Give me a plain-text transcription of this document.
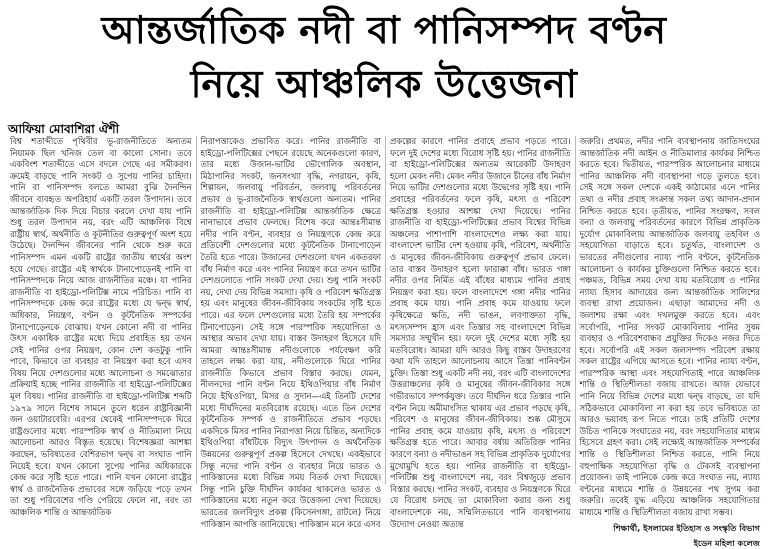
আন্তর্জাতিক নদী বা পানিসম্পদ বণ্টন
নিয়ে আঞ্চলিক উত্তেজনা
আফিয়া মোবাশিরা ঐশী

বিশ্ব শতাব্দীতে পৃথিবীর ভূ-রাজনীতিতে অন্যতম নিয়ামক ছিল খনিজ তেল বা কালো সোনা। তবে একবিংশ শতাব্দীতে এসে বদলে গেছে এর সমীকরণ। ক্রমেই বাড়ছে পানি সংকট ও সুপেয় পানির চাহিদা। পানি বা পানিসম্পদ বলতে আমরা বুঝি দৈনন্দিন জীবনে ব্যবহৃত অপরিহার্য একটি তরল উপাদান। তবে আন্তর্জাতিক দিক দিয়ে বিচার করলে দেখা যায় পানি শুধু তরল উপাদান নয়, বরং এটি আঞ্চলিক বিশ্বে রাষ্ট্রীয় স্বার্থ, অর্থনীতি ও কূটনীতির গুরুত্বপূর্ণ অংশ হয়ে উঠেছে। দৈনন্দিন জীবনের পানি থেকে শুরু করে পানিসম্পদ এমন একটি রাষ্ট্রের জাতীয় স্বার্থের অংশ হয়ে গেছে। রাষ্ট্রের এই স্বার্থকে টানাপোড়েনই পানি বা পানিসম্পদকে নিয়ে আজ রাজনীতির মঞ্চে। যা পানির রাজনীতি বা হাইড্রো-পলিটিক্স নামে পরিচিত। পানি বা পানিসম্পদকে কেন্দ্র করে রাষ্ট্রের মধ্যে যে দ্বন্দ্ব স্বার্থ, অধিকার, নিয়ন্ত্রণ, বণ্টন ও কূটনৈতিক সম্পর্কের টানাপোড়েনকে বোঝায়। যখন কোনো নদী বা পানির উৎস একাধিক রাষ্ট্রের মধ্যে দিয়ে প্রবাহিত হয় তখন সেই পানির ওপর নিয়ন্ত্রণ, কোন দেশ কতটুকু পানি পাবে, কিভাবে তা ব্যবহার বা নিয়ন্ত্রণ করা হবে এসব বিষয় নিয়ে দেশগুলোর মধ্যে আলোচনা ও সমঝোতার প্রক্রিয়াই হচ্ছে পানির রাজনীতি বা হাইড্রো-পলিটিক্সের মূল বিষয়। পানির রাজনীতি বা হাইড্রো-পলিটিক্স শব্দটি ১৯৭৯ সালে বিশেষ সামনে তুলে ধরেন রাষ্ট্রবিজ্ঞানী জন ওয়াটারবেরি। এরপর থেকেই পানিসম্পদকে ঘিরে রাষ্ট্রগুলোর মধ্যে পারস্পরিক স্বার্থ ও নীতিমালা নিয়ে আলোচনা আরও বিস্তৃত হয়েছে। বিশেষজ্ঞরা আশঙ্কা করছেন, ভবিষ্যতের বেশিরভাগ দ্বন্দ্ব বা সংঘাত পানি নিয়েই হবে। যখন কোনো সুপেয় পানির অধিকারকে কেন্দ্র করে সৃষ্টি হতে পারে। পানি যখন কোনো রাষ্ট্রের স্বার্থ ও রাজনৈতিক প্রভাবের সঙ্গে জড়িয়ে পড়ে তখন তা শুধু পরিবেশের গণ্ডি পেরিয়ে ফেলে না, বরং তা আঞ্চলিক শান্তি ও আন্তর্জাতিক

নিরাপত্তাকেও প্রভাবিত করে। পানির রাজনীতি বা হাইড্রো-পলিটিক্সের পেছনে রয়েছে অনেকগুলো কারণ, তার মধ্যে উজান-ভাটির ভৌগোলিক অবস্থান, মিঠাপানির সংকট, জনসংখ্যা বৃদ্ধি, নগরায়ন, কৃষি, শিল্পায়ন, জলবায়ু পরিবর্তন, জলবায়ু পরিবর্তনের প্রভাব ও ভূ-রাজনৈতিক স্বার্থগুলো অন্যতম। পানির রাজনীতি বা হাইড্রো-পলিটিক্স আন্তর্জাতিক ক্ষেত্রে নানাভাবে প্রভাব ফেলছে। বিশেষ করে আন্তঃসীমান্ত নদীর পানি বণ্টন, ব্যবহার ও নিয়ন্ত্রণকে কেন্দ্র করে প্রতিবেশী দেশগুলোর মধ্যে কূটনৈতিক টানাপোড়েন তৈরি হতে পারে। উজানের দেশগুলো যখন একতরফা বাঁধ নির্মাণ করে এবং পানির নিয়ন্ত্রণ করে তখন ভাটির দেশগুলোতে পানি সংকট দেখা দেয়। শুধু পানি সংকট নয়, দেখা দেয় বিভিন্ন সমস্যা। কৃষি ও পরিবেশ ক্ষতিগ্রস্ত হয় এবং মানুষের জীবন-জীবিকায় সংকটের সৃষ্টি হতে পারে। এর ফলে দেশগুলোর মধ্যে তৈরি হয় সম্পর্কের টিনাপোড়েন। সেই সঙ্গে পারস্পরিক সহযোগিতা ও আস্থার অভাব দেখা যায়। বাস্তব উদাহরণ হিসেবে যদি আমরা আন্তঃসীমান্ত নদীগুলোকে পর্যবেক্ষণ করি তাহলে লক্ষ্য করা যায়, নদীগুলোকে ঘিরে পানির রাজনীতি কিভাবে প্রভাব বিস্তার করছে। যেমন, নীলনদের পানি বণ্টন নিয়ে ইথিওপিয়ার বাঁধ নির্মাণ নিয়ে ইথিওপিয়া, মিসর ও সুদান—এই তিনটি দেশের মধ্যে দীর্ঘদিনের মতবিরোধ রয়েছে। এতে তিন দেশের কূটনৈতিক সম্পর্ক ও রাজনীতিতে প্রভাব পড়ছে। একদিকে মিসর পানির নিরাপত্তা নিয়ে চিন্তিত, অন্যদিকে ইথিওপিয়া বাঁধটিকে বিদ্যুৎ উৎপাদন ও অর্থনৈতিক উন্নয়নের গুরুত্বপূর্ণ প্রকল্প হিসেবে দেখছে। একইভাবে সিন্ধু নদের পানি বণ্টন ও ব্যবহার নিয়ে ভারত ও পাকিস্তানের মধ্যে বিভিন্ন সময় বিতর্ক দেখা দিয়েছে। সিন্ধু পানি চুক্তি দীর্ঘদিন কার্যকর থাকলেও ভারত ও পাকিস্তানের মধ্যে নতুন করে উত্তেজনা দেখা দিয়েছে। ভারতের জলবিদ্যুৎ প্রকল্প (কিসেনগঙ্গা, রাটলে) নিয়ে পাকিস্তান আপত্তি জানিয়েছে। পাকিস্তান মনে করে এসব

প্রকল্পের কারণে পানির প্রবাহে প্রভাব পড়তে পারে। ফলে দুই দেশের মধ্যে বিরোধ সৃষ্টি হয়। পানির রাজনীতি বা হাইড্রো-পলিটিক্সের অন্যতম আরেকটি উদাহরণ হলো মেকং নদী। মেকং নদীর উজানে চীনের বাঁধ নির্মাণ নিয়ে ভাটির দেশগুলোর মধ্যে উদ্বেগের সৃষ্টি হয়। পানি প্রবাহের পরিবর্তনের ফলে কৃষি, মৎস্য ও পরিবেশ ক্ষতিগ্রস্ত হওয়ার আশঙ্কা দেখা দিয়েছে। পানির রাজনীতি বা হাইড্রো-পলিটিক্সের প্রভাব বিশ্বের বিভিন্ন অঞ্চলের পাশাপাশি বাংলাদেশেও লক্ষ্য করা যায়। বাংলাদেশ ভাটির দেশ হওয়ায় কৃষি, পরিবেশ, অর্থনীতি ও মানুষের জীবন-জীবিকায় গুরুত্বপূর্ণ প্রভাব ফেলে। তার বাস্তব উদাহরণ হলো ফারাক্কা বাঁধ। ভারত গঙ্গা নদীর ওপর নির্মিত এই বাঁধের মাধ্যমে পানির প্রবাহ নিয়ন্ত্রণ করা হয়। ফলে বাংলাদেশে গঙ্গা নদীর পানির প্রবাহ কমে যায়। পানি প্রবাহ কমে যাওয়ায় ফলে কৃষিক্ষেত্রে ক্ষতি, নদী ভাঙন, লবণাক্ততা বৃদ্ধি, মৎস্যসম্পদ হ্রাস এবং তিস্তার সহ বাংলাদেশে বিভিন্ন সমস্যার সম্মুখীন হয়। ফলে দুই দেশের মধ্যে সৃষ্টি হয় মতবিরোধ। আমরা যদি আরও কিছু বাস্তব উদাহরণের কথা যদি তাহলে আলোচনায় আসে তিস্তা পানিবণ্টন চুক্তি। তিস্তা শুধু একটি নদী নয়, বরং এটি বাংলাদেশের উত্তরাঞ্চলের কৃষি ও মানুষের জীবন-জীবিকার সঙ্গে গভীরভাবে সম্পর্কযুক্ত। তবে দীর্ঘদিন ধরে তিস্তার পানি বণ্টন নিয়ে অমীমাংসিত থাকায় এর প্রভাব পড়ছে কৃষি, পরিবেশ ও মানুষের জীবন-জীবিকায়। শুষ্ক মৌসুমে পানির প্রবাহ কমে যাওয়ায় কৃষি, মৎস্য ও পরিবেশে ক্ষতিগ্রস্ত হতে পারে। আবার বর্ষায় অতিরিক্ত পানির কারণে বন্যা ও নদীভাঙন সহ বিভিন্ন প্রাকৃতিক দুর্যোগের মুখোমুখি হতে হয়। পানির রাজনীতি বা হাইড্রো-পলিটিক্স শুধু বাংলাদেশে নয়, বরং বিশ্বজুড়ে প্রভাব বিস্তার করছে। পানির সংকট, ব্যবহার ও নিয়ন্ত্রণকে ঘিরে যে বিরোধ চলছে তা মোকাবিলা করার জন্য শুধু বাংলাদেশকে নয়, সম্মিলিতভাবে পানি ব্যবস্থাপনায় উদ্যোগ নেওয়া অত্যন্ত

জরুরি। প্রথমত, নদীর পানি ব্যবস্থাপনায় জাতিসংঘের আন্তর্জাতিক নদী আইন ও নীতিমালার কার্যকর নিশ্চিত করতে হবে। দ্বিতীয়ত, পারস্পরিক আলোচনার মাধ্যমে পানির আঞ্চলিক নদী ব্যবস্থাপনা গড়ে তুলতে হবে। সেই সঙ্গে সকল দেশকে একই কাঠামোর এনে পানির তথ্য ও নদীর প্রবাহ সংক্রান্ত সকল তথ্য আদান-প্রদান নিশ্চিত করতে হবে। তৃতীয়ত, পানির সংরক্ষণ, সবল বন্যা ও জলবায়ু পরিবর্তনের কারণে বিভিন্ন প্রাকৃতিক দুর্যোগ মোকাবিলায় আন্তর্জাতিক জলবায়ু তহবিল ও সহযোগিতা বাড়াতে হবে। চতুর্থত, বাংলাদেশ ও ভারতের নদীগুলোর ন্যায্য পানি বণ্টনে, কূটনৈতিক আলোচনা ও কার্যকর চুক্তিগুলো নিশ্চিত করতে হবে। পঞ্চমত, বিভিন্ন সময় দেখা যায় মতবিরোধ ও পানির ন্যায্য হিসাব আদায়ের জন্য আন্তর্জাতিক সালিশের ব্যবস্থা রাখা প্রয়োজন। এছাড়া আমাদের নদী ও জলাশয় রক্ষা এবং দখলমুক্ত করতে হবে। এবং সর্বোপরি, পানির সংকট মোকাবিলায় পানির সুষম ব্যবহার ও পরিবেশবান্ধব প্রযুক্তির দিকেও নজর দিতে হবে। সর্বোপরি এই সকল জলসম্পদ পরিবেশ রক্ষায় সকল রাষ্ট্রের এগিয়ে আসতে হবে। পানির ন্যায্য বণ্টন, পারস্পরিক আস্থা এবং সহযোগিতাই পারে আঞ্চলিক শান্তি ও স্থিতিশীলতা বজায় রাখতে। আজ যেভাবে পানি নিয়ে বিভিন্ন দেশের মধ্যে দ্বন্দ্ব বাড়ছে, তা যদি সঠিকভাবে মোকাবিলা না করা হয় তবে ভবিষ্যতে তা আরও ভয়াবহ রূপ নিতে পারে। তাই প্রতিটি দেশের উচিত পানিকে সংঘাতের নয়, বরং সহযোগিতার মাধ্যম হিসেবে গ্রহণ করা। সেই লক্ষ্যেই আন্তর্জাতিক সম্পর্কের শান্তি ও স্থিতিশীলতা নিশ্চিত করতে, পানি নিয়ে বহুপাক্ষিক সহযোগিতা বৃদ্ধি ও টেকসই ব্যবস্থাপনা প্রয়োজন। তাই পানিকে কেন্দ্র করে সংঘাত নয়, ন্যায্য বণ্টনের মাধ্যমে শান্তি ও উন্নয়নের পথ সুগম করা জরুরি। তবেই যুদ্ধ এড়িয়ে আঞ্চলিক সহযোগিতার মাধ্যমে শান্তি ও স্থিতিশীলতা বজায় রাখা সম্ভব।

শিক্ষার্থী, ইসলামের ইতিহাস ও সংস্কৃতি বিভাগ
ইডেন মহিলা কলেজ
